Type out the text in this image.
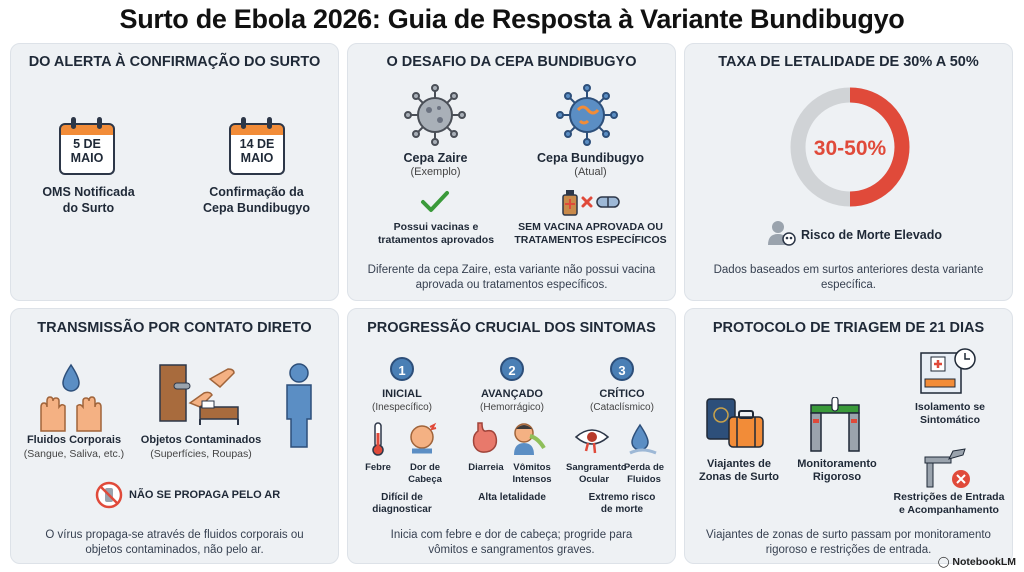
Surto de Ebola 2026: Guia de Resposta à Variante Bundibugyo
DO ALERTA À CONFIRMAÇÃO DO SURTO
5 DE
MAIO
OMS Notificada
do Surto
14 DE
MAIO
Confirmação da
Cepa Bundibugyo
O DESAFIO DA CEPA BUNDIBUGYO
Cepa Zaire
(Exemplo)
Cepa Bundibugyo
(Atual)
Possui vacinas e
tratamentos aprovados
SEM VACINA APROVADA OU
TRATAMENTOS ESPECÍFICOS
Diferente da cepa Zaire, esta variante não possui vacina
aprovada ou tratamentos específicos.
TAXA DE LETALIDADE DE 30% A 50%
30-50%
Risco de Morte Elevado
Dados baseados em surtos anteriores desta variante
específica.
TRANSMISSÃO POR CONTATO DIRETO
Fluidos Corporais
(Sangue, Saliva, etc.)
Objetos Contaminados
(Superfícies, Roupas)
NÃO SE PROPAGA PELO AR
O vírus propaga-se através de fluidos corporais ou
objetos contaminados, não pelo ar.
PROGRESSÃO CRUCIAL DOS SINTOMAS
1
INICIAL
(Inespecífico)
Febre	Dor de
Cabeça
Difícil de
diagnosticar
2
AVANÇADO
(Hemorrágico)
Diarreia	Vômitos
Intensos
Alta letalidade

3
CRÍTICO
(Cataclísmico)
Sangramento
Ocular
Perda de
Fluidos
Extremo risco
de morte
Inicia com febre e dor de cabeça; progride para
vômitos e sangramentos graves.
PROTOCOLO DE TRIAGEM DE 21 DIAS
Viajantes de
Zonas de Surto
Monitoramento
Rigoroso
Isolamento se
Sintomático
Restrições de Entrada
e Acompanhamento
Viajantes de zonas de surto passam por monitoramento
rigoroso e restrições de entrada.
◯ NotebookLM
